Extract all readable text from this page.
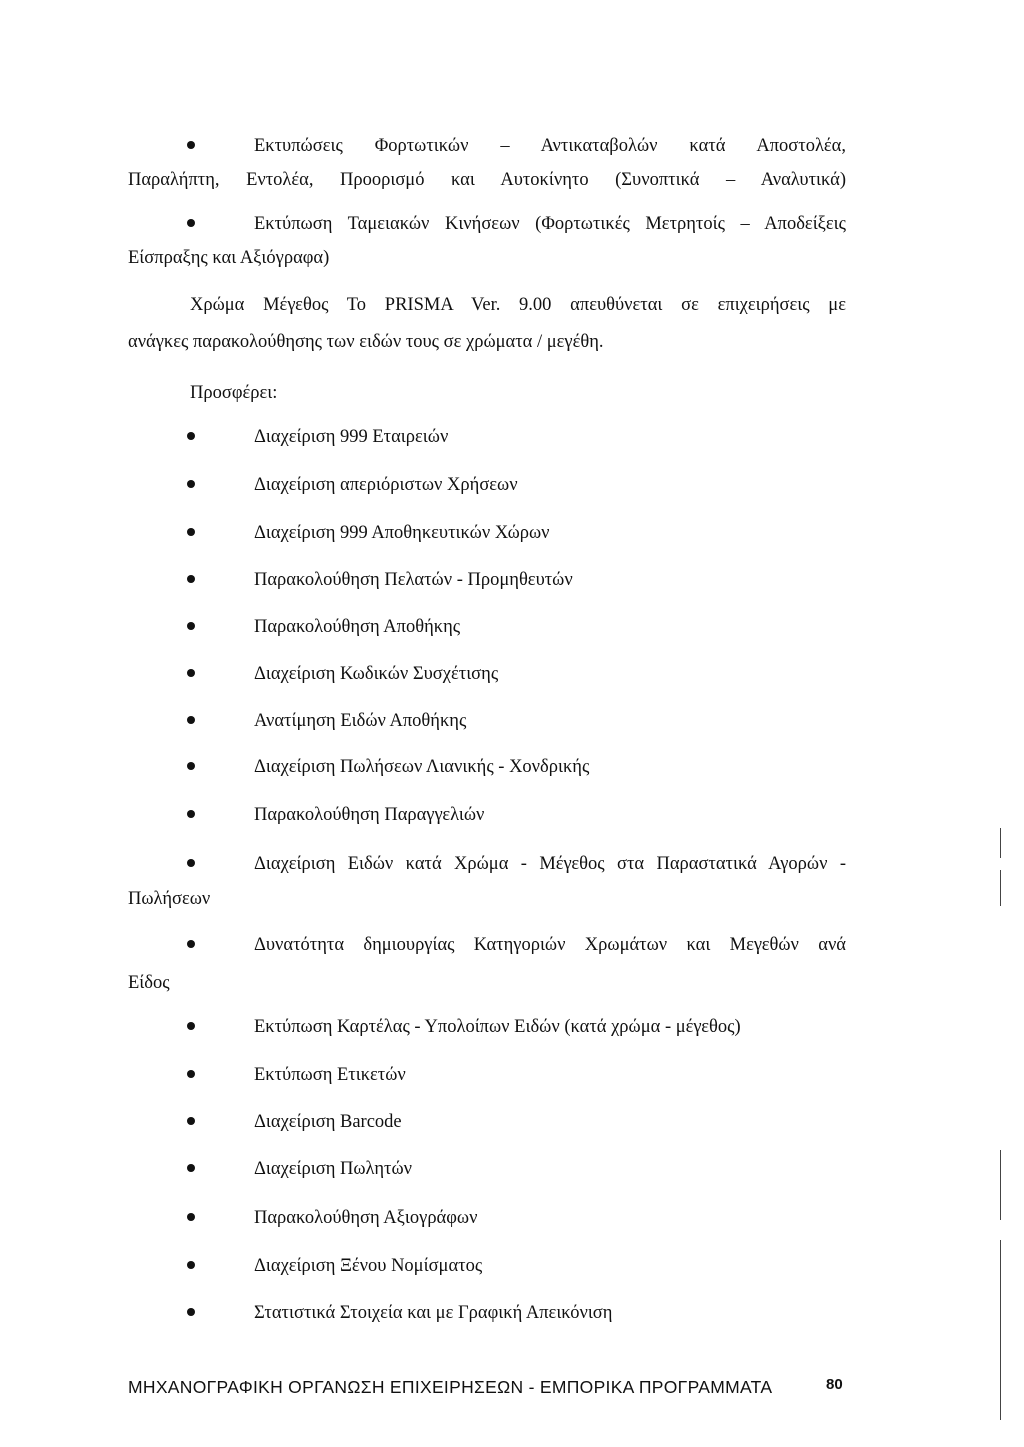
Εκτυπώσεις Φορτωτικών – Αντικαταβολών κατά Αποστολέα,
Παραλήπτη, Εντολέα, Προορισμό και Αυτοκίνητο (Συνοπτικά – Αναλυτικά)
Εκτύπωση Ταμειακών Κινήσεων (Φορτωτικές Μετρητοίς – Αποδείξεις
Είσπραξης και Αξιόγραφα)
Χρώμα Μέγεθος Το PRISMA Ver. 9.00 απευθύνεται σε επιχειρήσεις με
ανάγκες παρακολούθησης των ειδών τους σε χρώματα / μεγέθη.
Προσφέρει:
Διαχείριση 999 Εταιρειών
Διαχείριση απεριόριστων Χρήσεων
Διαχείριση 999 Αποθηκευτικών Χώρων
Παρακολούθηση Πελατών - Προμηθευτών
Παρακολούθηση Αποθήκης
Διαχείριση Κωδικών Συσχέτισης
Ανατίμηση Ειδών Αποθήκης
Διαχείριση Πωλήσεων Λιανικής - Χονδρικής
Παρακολούθηση Παραγγελιών
Διαχείριση Ειδών κατά Χρώμα - Μέγεθος στα Παραστατικά Αγορών -
Πωλήσεων
Δυνατότητα δημιουργίας Κατηγοριών Χρωμάτων και Μεγεθών ανά
Είδος
Εκτύπωση Καρτέλας - Υπολοίπων Ειδών (κατά χρώμα - μέγεθος)
Εκτύπωση Ετικετών
Διαχείριση Barcode
Διαχείριση Πωλητών
Παρακολούθηση Αξιογράφων
Διαχείριση Ξένου Νομίσματος
Στατιστικά Στοιχεία και με Γραφική Απεικόνιση
ΜΗΧΑΝΟΓΡΑΦΙΚΗ ΟΡΓΑΝΩΣΗ ΕΠΙΧΕΙΡΗΣΕΩΝ - ΕΜΠΟΡΙΚΑ ΠΡΟΓΡΑΜΜΑΤΑ	80
